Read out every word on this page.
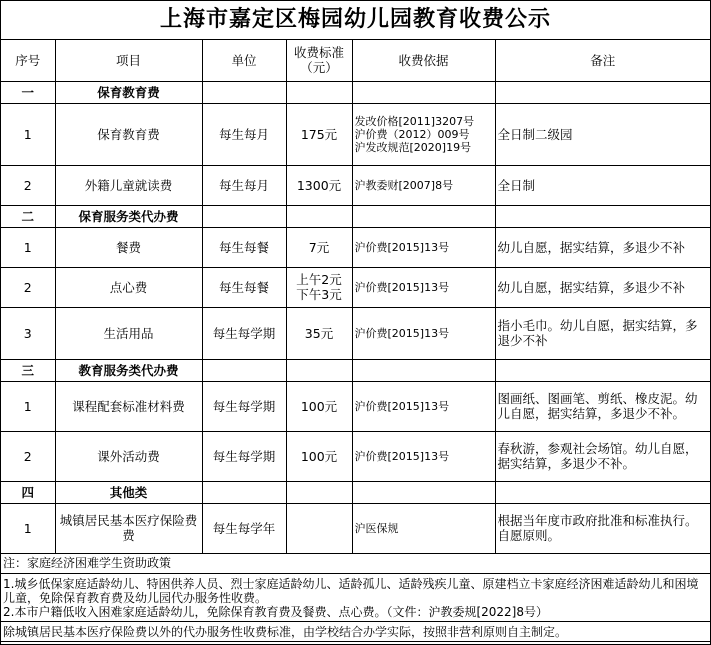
上海市嘉定区梅园幼儿园教育收费公示
序号	项目	单位	收费标准（元）	收费依据	备注
一	保育教育费				
1	保育教育费	每生每月	175元	发改价格[2011]3207号
沪价费（2012）009号
沪发改规范[2020]19号	全日制二级园
2	外籍儿童就读费	每生每月	1300元	沪教委财[2007]8号	全日制
二	保育服务类代办费				
1	餐费	每生每餐	7元	沪价费[2015]13号	幼儿自愿，据实结算，多退少不补
2	点心费	每生每餐	上午2元
下午3元	沪价费[2015]13号	幼儿自愿，据实结算，多退少不补
3	生活用品	每生每学期	35元	沪价费[2015]13号	指小毛巾。幼儿自愿，据实结算，多退少不补
三	教育服务类代办费				
1	课程配套标准材料费	每生每学期	100元	沪价费[2015]13号	图画纸、图画笔、剪纸、橡皮泥。幼儿自愿，据实结算，多退少不补。
2	课外活动费	每生每学期	100元	沪价费[2015]13号	春秋游，参观社会场馆。幼儿自愿，据实结算，多退少不补。
四	其他类				
1	城镇居民基本医疗保险费费	每生每学年		沪医保规	根据当年度市政府批准和标准执行。自愿原则。
注：家庭经济困难学生资助政策

1.城乡低保家庭适龄幼儿、特困供养人员、烈士家庭适龄幼儿、适龄孤儿、适龄残疾儿童、原建档立卡家庭经济困难适龄幼儿和困境儿童，免除保育教育费及幼儿园代办服务性收费。
2.本市户籍低收入困难家庭适龄幼儿，免除保育教育费及餐费、点心费。（文件：沪教委规[2022]8号）

除城镇居民基本医疗保险费以外的代办服务性收费标准，由学校结合办学实际，按照非营利原则自主制定。
